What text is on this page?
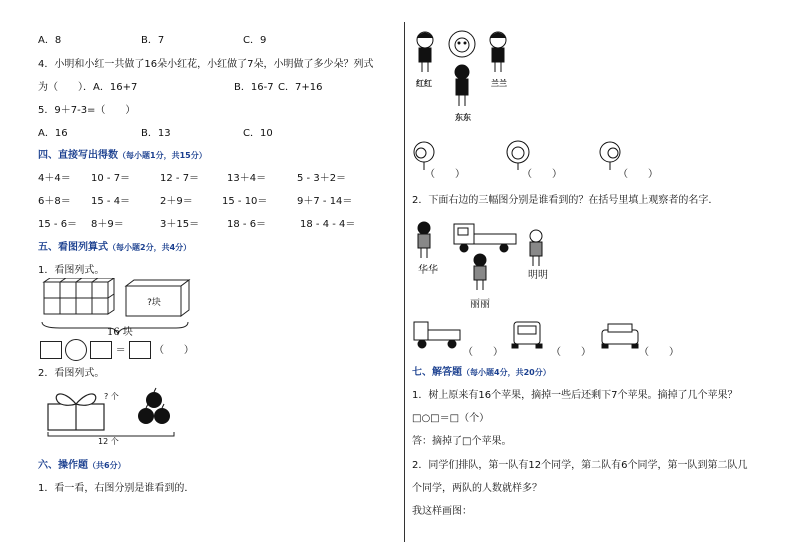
A．8	B．7	C．9
4．小明和小红一共做了16朵小红花，小红做了7朵，小明做了多少朵？列式
为（　　）．A．16+7	B．16-7 C．7+16
5．9＋7-3=（　　）
A．16	B．13	C．10
四、直接写出得数（每小题1分，共15分）
4＋4＝ 10 - 7＝	12 - 7＝	13＋4＝	5 - 3＋2＝
6＋8＝ 15 - 4＝	2＋9＝	15 - 10＝	9＋7 - 14＝
15 - 6＝ 8＋9＝	3＋15＝	18 - 6＝	18 - 4 - 4＝
五、看图列算式（每小题2分，共4分）
1．看图列式。
?块
16 块
＝	（　　）
2．看图列式。
? 个
12 个
六、操作题（共6分）
1．看一看，右图分别是谁看到的．
红红	兰兰
东东
（　　）	（　　）	（　　）
2．下面右边的三幅图分别是谁看到的？在括号里填上观察者的名字．
华华	明明
丽丽
（　　）	（　　）	（　　）
七、解答题（每小题4分，共20分）
1．树上原来有16个苹果，摘掉一些后还剩下7个苹果。摘掉了几个苹果？
□○□＝□（个）
答：摘掉了□个苹果。
2．同学们排队，第一队有12个同学，第二队有6个同学，第一队到第二队几
个同学，两队的人数就样多？
我这样画图：
